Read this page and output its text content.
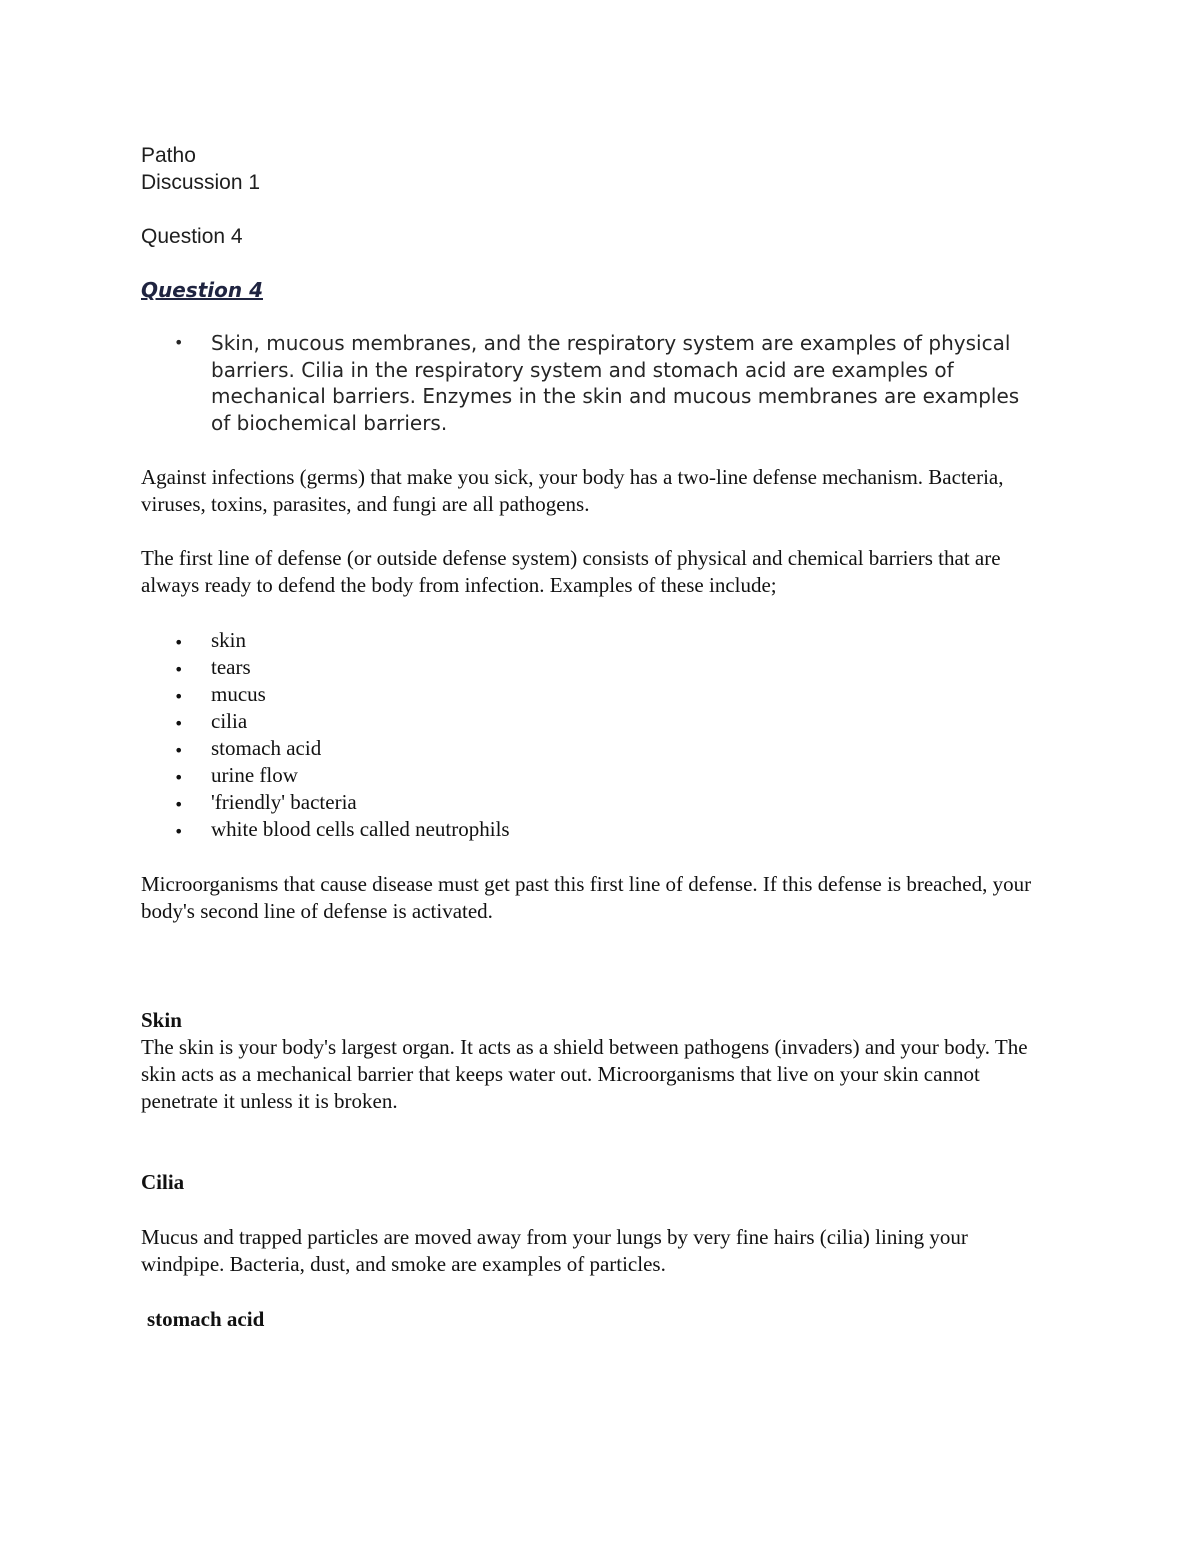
Patho
Discussion 1
Question 4
Question 4
• Skin, mucous membranes, and the respiratory system are examples of physical barriers. Cilia in the respiratory system and stomach acid are examples of mechanical barriers. Enzymes in the skin and mucous membranes are examples of biochemical barriers.

Against infections (germs) that make you sick, your body has a two-line defense mechanism. Bacteria, viruses, toxins, parasites, and fungi are all pathogens.

The first line of defense (or outside defense system) consists of physical and chemical barriers that are always ready to defend the body from infection. Examples of these include;

• skin
• tears
• mucus
• cilia
• stomach acid
• urine flow
• 'friendly' bacteria
• white blood cells called neutrophils

Microorganisms that cause disease must get past this first line of defense. If this defense is breached, your body's second line of defense is activated.

Skin

The skin is your body's largest organ. It acts as a shield between pathogens (invaders) and your body. The skin acts as a mechanical barrier that keeps water out. Microorganisms that live on your skin cannot penetrate it unless it is broken.

Cilia

Mucus and trapped particles are moved away from your lungs by very fine hairs (cilia) lining your windpipe. Bacteria, dust, and smoke are examples of particles.

stomach acid
